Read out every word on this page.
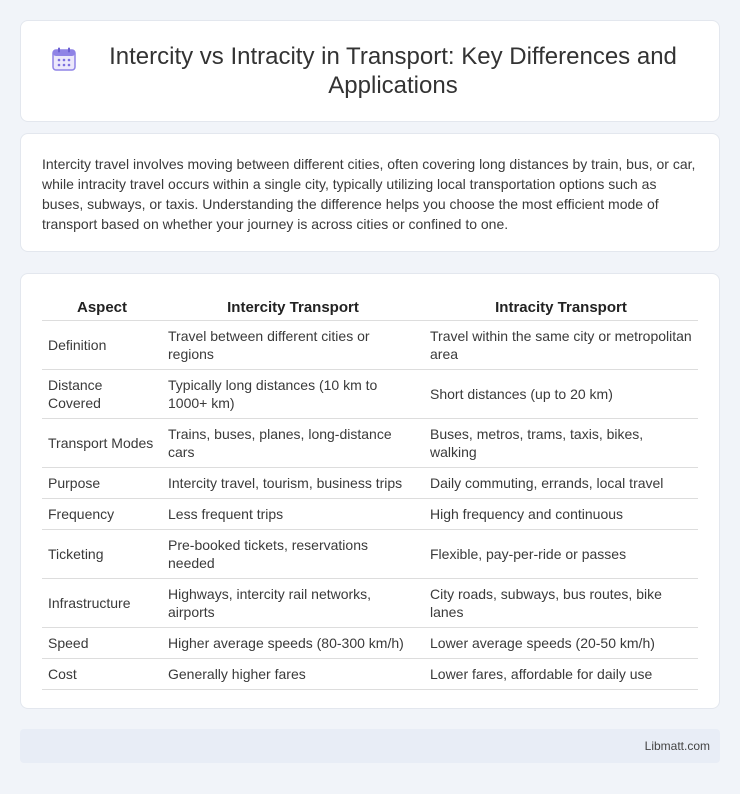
Intercity vs Intracity in Transport: Key Differences and Applications

Intercity travel involves moving between different cities, often covering long distances by train, bus, or car, while intracity travel occurs within a single city, typically utilizing local transportation options such as buses, subways, or taxis. Understanding the difference helps you choose the most efficient mode of transport based on whether your journey is across cities or confined to one.

Aspect	Intercity Transport	Intracity Transport
Definition	Travel between different cities or regions	Travel within the same city or metropolitan area
Distance Covered	Typically long distances (10 km to 1000+ km)	Short distances (up to 20 km)
Transport Modes	Trains, buses, planes, long-distance cars	Buses, metros, trams, taxis, bikes, walking
Purpose	Intercity travel, tourism, business trips	Daily commuting, errands, local travel
Frequency	Less frequent trips	High frequency and continuous
Ticketing	Pre-booked tickets, reservations needed	Flexible, pay-per-ride or passes
Infrastructure	Highways, intercity rail networks, airports	City roads, subways, bus routes, bike lanes
Speed	Higher average speeds (80-300 km/h)	Lower average speeds (20-50 km/h)
Cost	Generally higher fares	Lower fares, affordable for daily use
Libmatt.com
